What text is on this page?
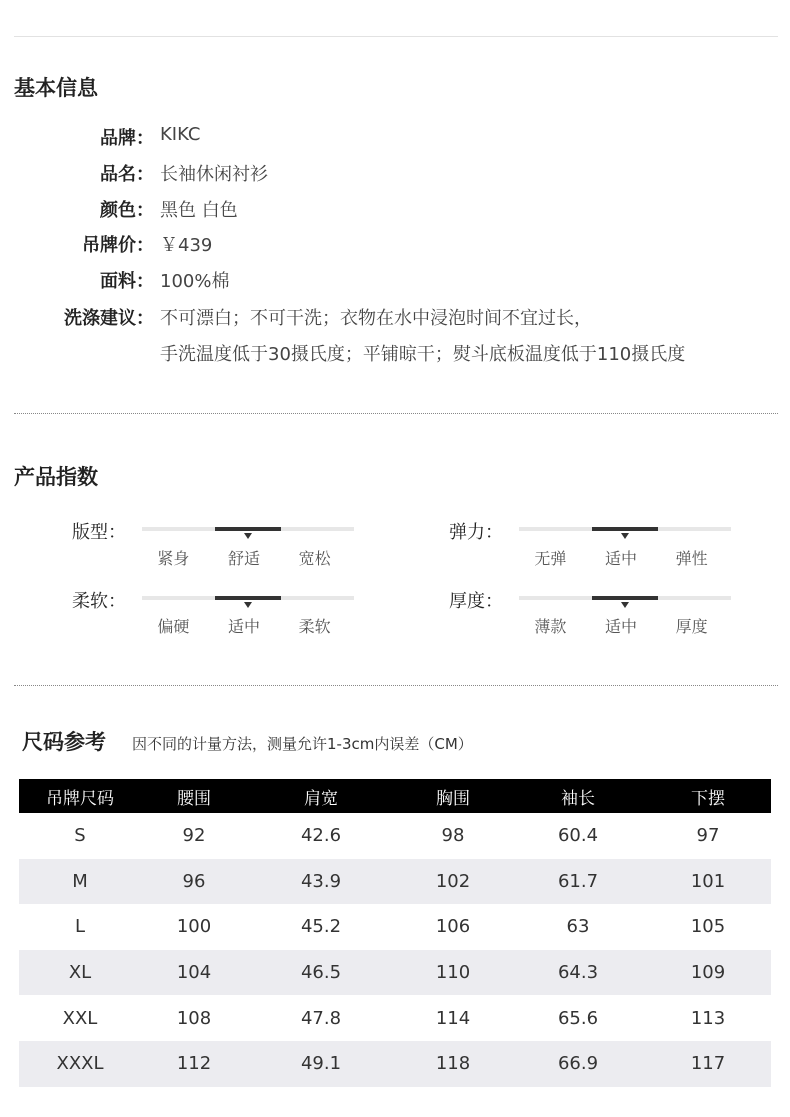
基本信息
品牌： KIKC
品名： 长袖休闲衬衫
颜色： 黑色 白色
吊牌价： ￥439
面料： 100%棉
洗涤建议： 不可漂白；不可干洗；衣物在水中浸泡时间不宜过长，
手洗温度低于30摄氏度；平铺晾干；熨斗底板温度低于110摄氏度
产品指数
版型：
紧身 舒适 宽松
弹力：
无弹 适中 弹性
柔软：
偏硬 适中 柔软
厚度：
薄款 适中 厚度
尺码参考 因不同的计量方法，测量允许1-3cm内误差（CM）
吊牌尺码	腰围	肩宽	胸围	袖长	下摆
S	92	42.6	98	60.4	97
M	96	43.9	102	61.7	101
L	100	45.2	106	63	105
XL	104	46.5	110	64.3	109
XXL	108	47.8	114	65.6	113
XXXL	112	49.1	118	66.9	117
